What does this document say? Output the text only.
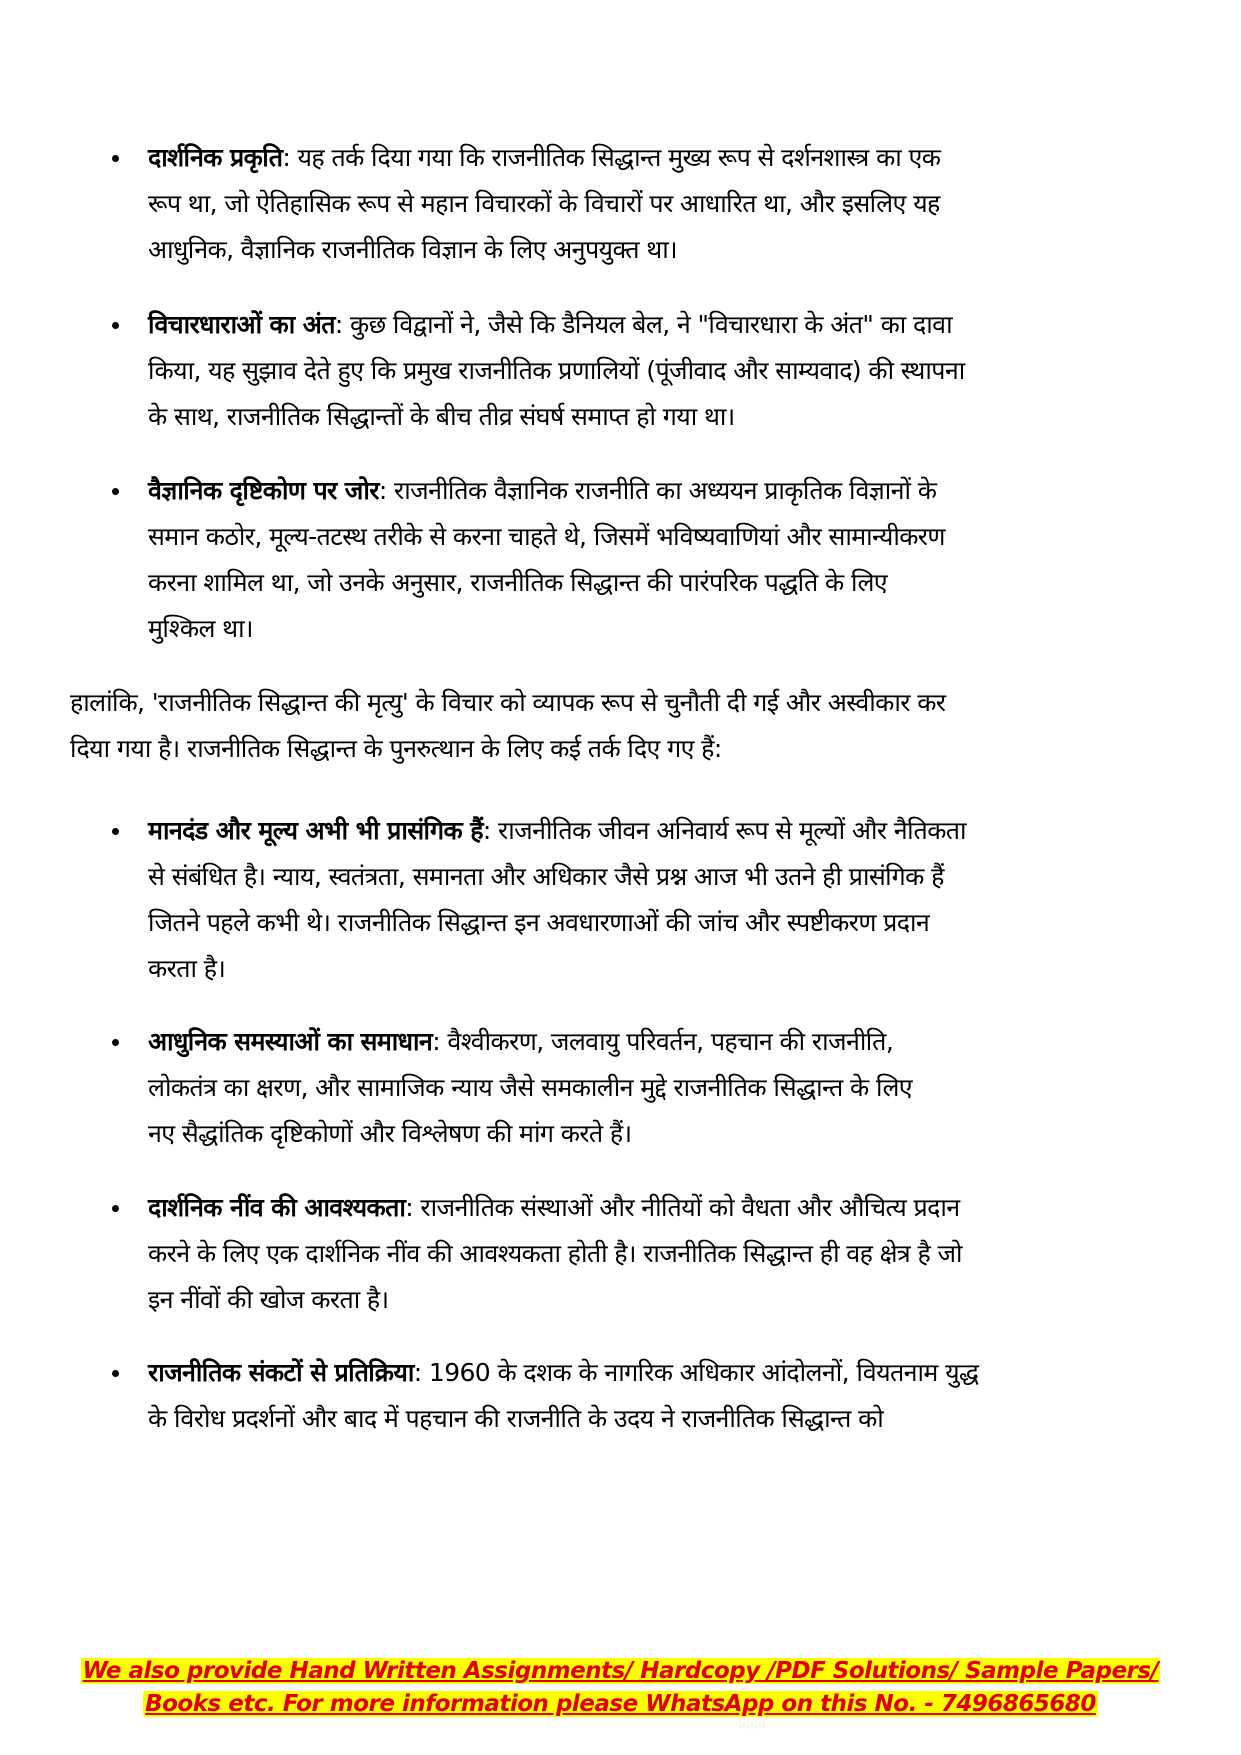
दार्शनिक प्रकृति: यह तर्क दिया गया कि राजनीतिक सिद्धान्त मुख्य रूप से दर्शनशास्त्र का एक
रूप था, जो ऐतिहासिक रूप से महान विचारकों के विचारों पर आधारित था, और इसलिए यह
आधुनिक, वैज्ञानिक राजनीतिक विज्ञान के लिए अनुपयुक्त था।
विचारधाराओं का अंत: कुछ विद्वानों ने, जैसे कि डैनियल बेल, ने "विचारधारा के अंत" का दावा
किया, यह सुझाव देते हुए कि प्रमुख राजनीतिक प्रणालियों (पूंजीवाद और साम्यवाद) की स्थापना
के साथ, राजनीतिक सिद्धान्तों के बीच तीव्र संघर्ष समाप्त हो गया था।
वैज्ञानिक दृष्टिकोण पर जोर: राजनीतिक वैज्ञानिक राजनीति का अध्ययन प्राकृतिक विज्ञानों के
समान कठोर, मूल्य-तटस्थ तरीके से करना चाहते थे, जिसमें भविष्यवाणियां और सामान्यीकरण
करना शामिल था, जो उनके अनुसार, राजनीतिक सिद्धान्त की पारंपरिक पद्धति के लिए
मुश्किल था।
हालांकि, 'राजनीतिक सिद्धान्त की मृत्यु' के विचार को व्यापक रूप से चुनौती दी गई और अस्वीकार कर
दिया गया है। राजनीतिक सिद्धान्त के पुनरुत्थान के लिए कई तर्क दिए गए हैं:
मानदंड और मूल्य अभी भी प्रासंगिक हैं: राजनीतिक जीवन अनिवार्य रूप से मूल्यों और नैतिकता
से संबंधित है। न्याय, स्वतंत्रता, समानता और अधिकार जैसे प्रश्न आज भी उतने ही प्रासंगिक हैं
जितने पहले कभी थे। राजनीतिक सिद्धान्त इन अवधारणाओं की जांच और स्पष्टीकरण प्रदान
करता है।
आधुनिक समस्याओं का समाधान: वैश्वीकरण, जलवायु परिवर्तन, पहचान की राजनीति,
लोकतंत्र का क्षरण, और सामाजिक न्याय जैसे समकालीन मुद्दे राजनीतिक सिद्धान्त के लिए
नए सैद्धांतिक दृष्टिकोणों और विश्लेषण की मांग करते हैं।
दार्शनिक नींव की आवश्यकता: राजनीतिक संस्थाओं और नीतियों को वैधता और औचित्य प्रदान
करने के लिए एक दार्शनिक नींव की आवश्यकता होती है। राजनीतिक सिद्धान्त ही वह क्षेत्र है जो
इन नींवों की खोज करता है।
राजनीतिक संकटों से प्रतिक्रिया: 1960 के दशक के नागरिक अधिकार आंदोलनों, वियतनाम युद्ध
के विरोध प्रदर्शनों और बाद में पहचान की राजनीति के उदय ने राजनीतिक सिद्धान्त को
We also provide Hand Written Assignments/ Hardcopy /PDF Solutions/ Sample Papers/
Books etc. For more information please WhatsApp on this No. - 7496865680
